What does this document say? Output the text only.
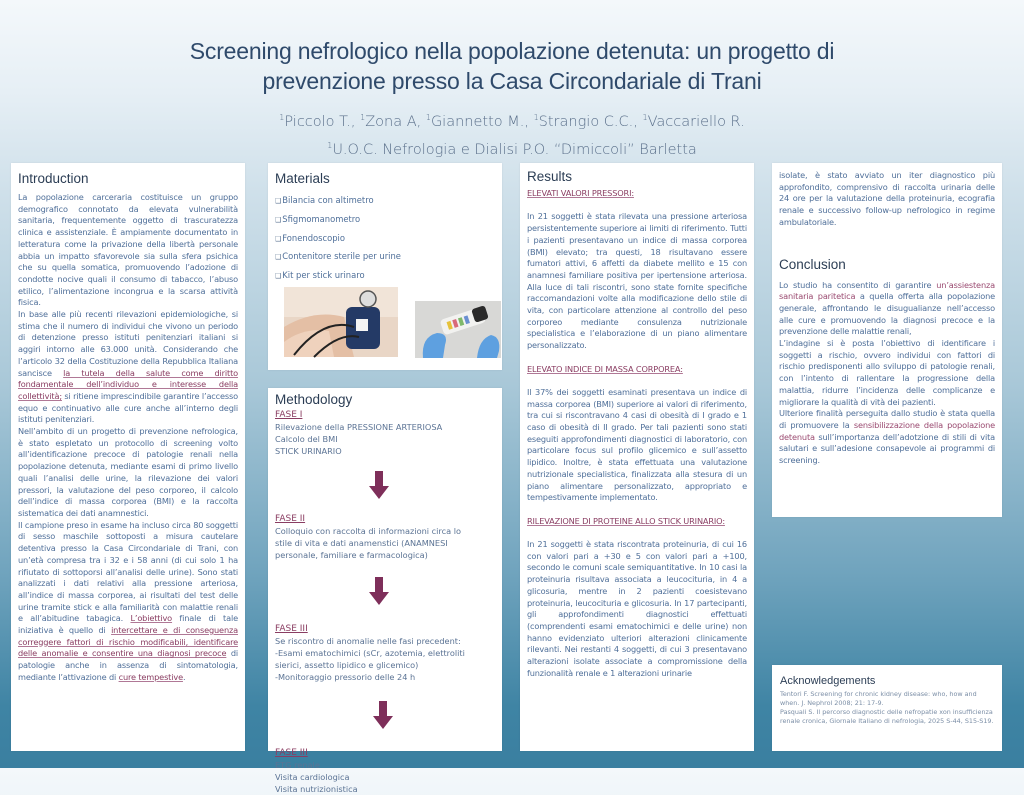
Screening nefrologico nella popolazione detenuta: un progetto di
prevenzione presso la Casa Circondariale di Trani
$^1$Piccolo T., $^1$Zona A, $^1$Giannetto M., $^1$Strangio C.C., $^1$Vaccariello R.
$^1$U.O.C. Nefrologia e Dialisi P.O. “Dimiccoli” Barletta
Introduction

La popolazione carceraria costituisce un gruppo demografico connotato da elevata vulnerabilità sanitaria, frequentemente oggetto di trascuratezza clinica e assistenziale. È ampiamente documentato in letteratura come la privazione della libertà personale abbia un impatto sfavorevole sia sulla sfera psichica che su quella somatica, promuovendo l’adozione di condotte nocive quali il consumo di tabacco, l’abuso etilico, l’alimentazione incongrua e la scarsa attività fisica.

In base alle più recenti rilevazioni epidemiologiche, si stima che il numero di individui che vivono un periodo di detenzione presso istituti penitenziari italiani si aggiri intorno alle 63.000 unità. Considerando che l’articolo 32 della Costituzione della Repubblica Italiana sancisce la tutela della salute come diritto fondamentale dell’individuo e interesse della collettività; si ritiene imprescindibile garantire l’accesso equo e continuativo alle cure anche all’interno degli istituti penitenziari.

Nell’ambito di un progetto di prevenzione nefrologica, è stato espletato un protocollo di screening volto all’identificazione precoce di patologie renali nella popolazione detenuta, mediante esami di primo livello quali l’analisi delle urine, la rilevazione dei valori pressori, la valutazione del peso corporeo, il calcolo dell’indice di massa corporea (BMI) e la raccolta sistematica dei dati anamnestici.

Il campione preso in esame ha incluso circa 80 soggetti di sesso maschile sottoposti a misura cautelare detentiva presso la Casa Circondariale di Trani, con un’età compresa tra i 32 e i 58 anni (di cui solo 1 ha rifiutato di sottoporsi all’analisi delle urine). Sono stati analizzati i dati relativi alla pressione arteriosa, all’indice di massa corporea, ai risultati del test delle urine tramite stick e alla familiarità con malattie renali e all’abitudine tabagica. L’obiettivo finale di tale iniziativa è quello di intercettare e di conseguenza correggere fattori di rischio modificabili, identificare delle anomalie e consentire una diagnosi precoce di patologie anche in assenza di sintomatologia, mediante l’attivazione di cure tempestive.

Materials
❑Bilancia con altimetro
❑Sfigmomanometro
❑Fonendoscopio
❑Contenitore sterile per urine
❑Kit per stick urinaro
Methodology
FASE I
Rilevazione della PRESSIONE ARTERIOSA
Calcolo del BMI
STICK URINARIO
FASE II
Colloquio con raccolta di informazioni circa lo
stile di vita e dati anamenstici (ANAMNESI
personale, familiare e farmacologica)
FASE III
Se riscontro di anomalie nelle fasi precedent:
-Esami ematochimici (sCr, azotemia, elettroliti
sierici, assetto lipidico e glicemico)
-Monitoraggio pressorio delle 24 h
FASE III
ETG renale
Visita cardiologica
Visita nutrizionistica
Results
ELEVATI VALORI PRESSORI:

In 21 soggetti è stata rilevata una pressione arteriosa persistentemente superiore ai limiti di riferimento. Tutti i pazienti presentavano un indice di massa corporea (BMI) elevato; tra questi, 18 risultavano essere fumatori attivi, 6 affetti da diabete mellito e 15 con anamnesi familiare positiva per ipertensione arteriosa. Alla luce di tali riscontri, sono state fornite specifiche raccomandazioni volte alla modificazione dello stile di vita, con particolare attenzione al controllo del peso corporeo mediante consulenza nutrizionale specialistica e l’elaborazione di un piano alimentare personalizzato.

ELEVATO INDICE DI MASSA CORPOREA:

Il 37% dei soggetti esaminati presentava un indice di massa corporea (BMI) superiore ai valori di riferimento, tra cui si riscontravano 4 casi di obesità di I grado e 1 caso di obesità di II grado. Per tali pazienti sono stati eseguiti approfondimenti diagnostici di laboratorio, con particolare focus sul profilo glicemico e sull’assetto lipidico. Inoltre, è stata effettuata una valutazione nutrizionale specialistica, finalizzata alla stesura di un piano alimentare personalizzato, appropriato e tempestivamente implementato.

RILEVAZIONE DI PROTEINE ALLO STICK URINARIO:

In 21 soggetti è stata riscontrata proteinuria, di cui 16 con valori pari a +30 e 5 con valori pari a +100, secondo le comuni scale semiquantitative. In 10 casi la proteinuria risultava associata a leucocituria, in 4 a glicosuria, mentre in 2 pazienti coesistevano proteinuria, leucocituria e glicosuria. In 17 partecipanti, gli approfondimenti diagnostici effettuati (comprendenti esami ematochimici e delle urine) non hanno evidenziato ulteriori alterazioni clinicamente rilevanti. Nei restanti 4 soggetti, di cui 3 presentavano alterazioni isolate associate a compromissione della funzionalità renale e 1 alterazioni urinarie

isolate, è stato avviato un iter diagnostico più approfondito, comprensivo di raccolta urinaria delle 24 ore per la valutazione della proteinuria, ecografia renale e successivo follow-up nefrologico in regime ambulatoriale.
Conclusion

Lo studio ha consentito di garantire un’assiestenza sanitaria paritetica a quella offerta alla popolazione generale, affrontando le disugualianze nell’accesso alle cure e promuovendo la diagnosi precoce e la prevenzione delle malattie renali,

L’indagine si è posta l’obiettivo di identificare i soggetti a rischio, ovvero individui con fattori di rischio predisponenti allo sviluppo di patologie renali, con l’intento di rallentare la progressione della malattia, ridurre l’incidenza delle complicanze e migliorare la qualità di vità dei pazienti.

Ulteriore finalità perseguita dallo studio è stata quella di promuovere la sensibilizzazione della popolazione detenuta sull’importanza dell’adotzione di stili di vita salutari e sull’adesione consapevole ai programmi di screening.

Acknowledgements
Tentori F. Screening for chronic kidney disease: who, how and when. J. Nephrol 2008; 21: 17-9.
Pasquali S. Il percorso diagnostic delle nefropatie xon insufficienza renale cronica, Giornale Italiano di nefrologia, 2025 S-44, S15-S19.
